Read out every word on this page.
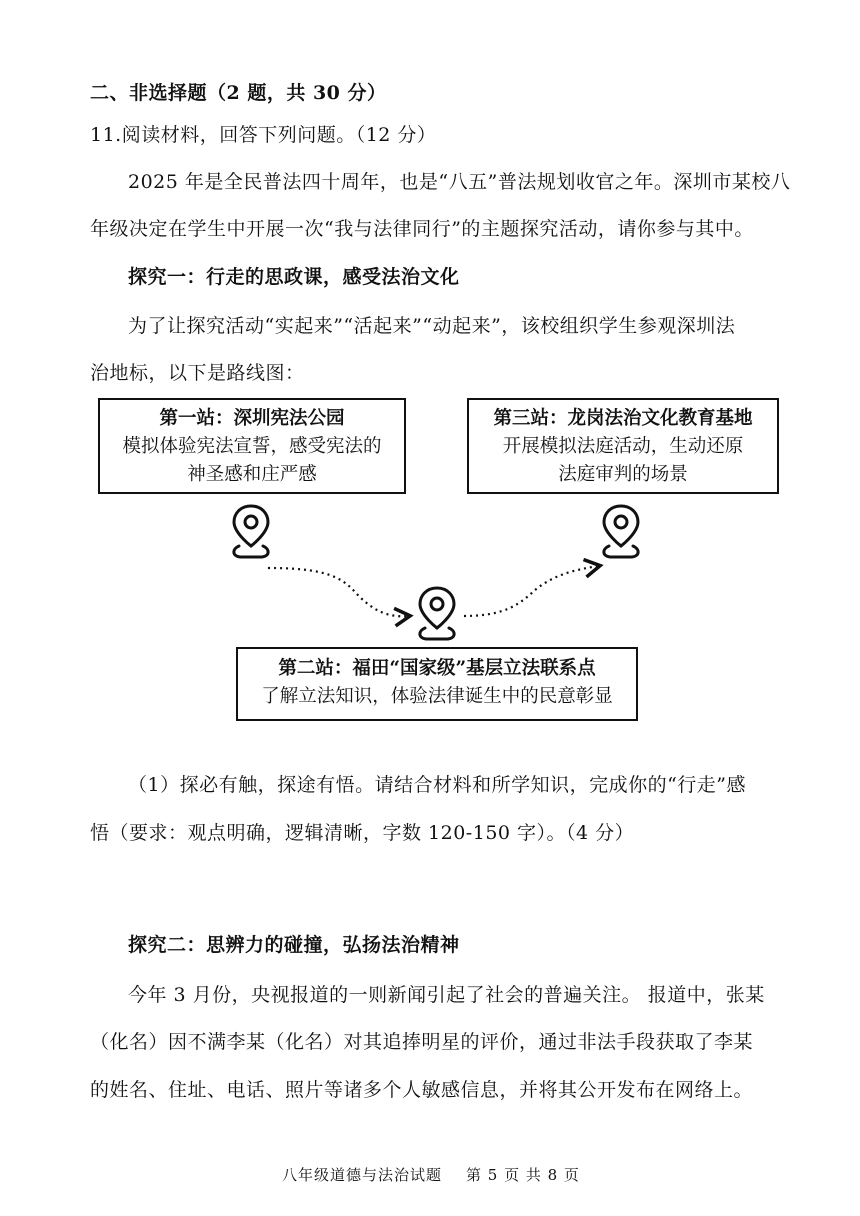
二、非选择题（2 题，共 30 分）
11.阅读材料，回答下列问题。（12 分）
2025 年是全民普法四十周年，也是“八五”普法规划收官之年。深圳市某校八
年级决定在学生中开展一次“我与法律同行”的主题探究活动，请你参与其中。
探究一：行走的思政课，感受法治文化
为了让探究活动“实起来”“活起来”“动起来”，该校组织学生参观深圳法
治地标，以下是路线图：
第一站：深圳宪法公园
模拟体验宪法宣誓，感受宪法的
神圣感和庄严感
第三站：龙岗法治文化教育基地
开展模拟法庭活动，生动还原
法庭审判的场景
第二站：福田“国家级”基层立法联系点
了解立法知识，体验法律诞生中的民意彰显
（1）探必有触，探途有悟。请结合材料和所学知识，完成你的“行走”感
悟（要求：观点明确，逻辑清晰，字数 120-150 字）。（4 分）
探究二：思辨力的碰撞，弘扬法治精神
今年 3 月份，央视报道的一则新闻引起了社会的普遍关注。 报道中，张某
（化名）因不满李某（化名）对其追捧明星的评价，通过非法手段获取了李某
的姓名、住址、电话、照片等诸多个人敏感信息，并将其公开发布在网络上。
八年级道德与法治试题 第 5 页 共 8 页
